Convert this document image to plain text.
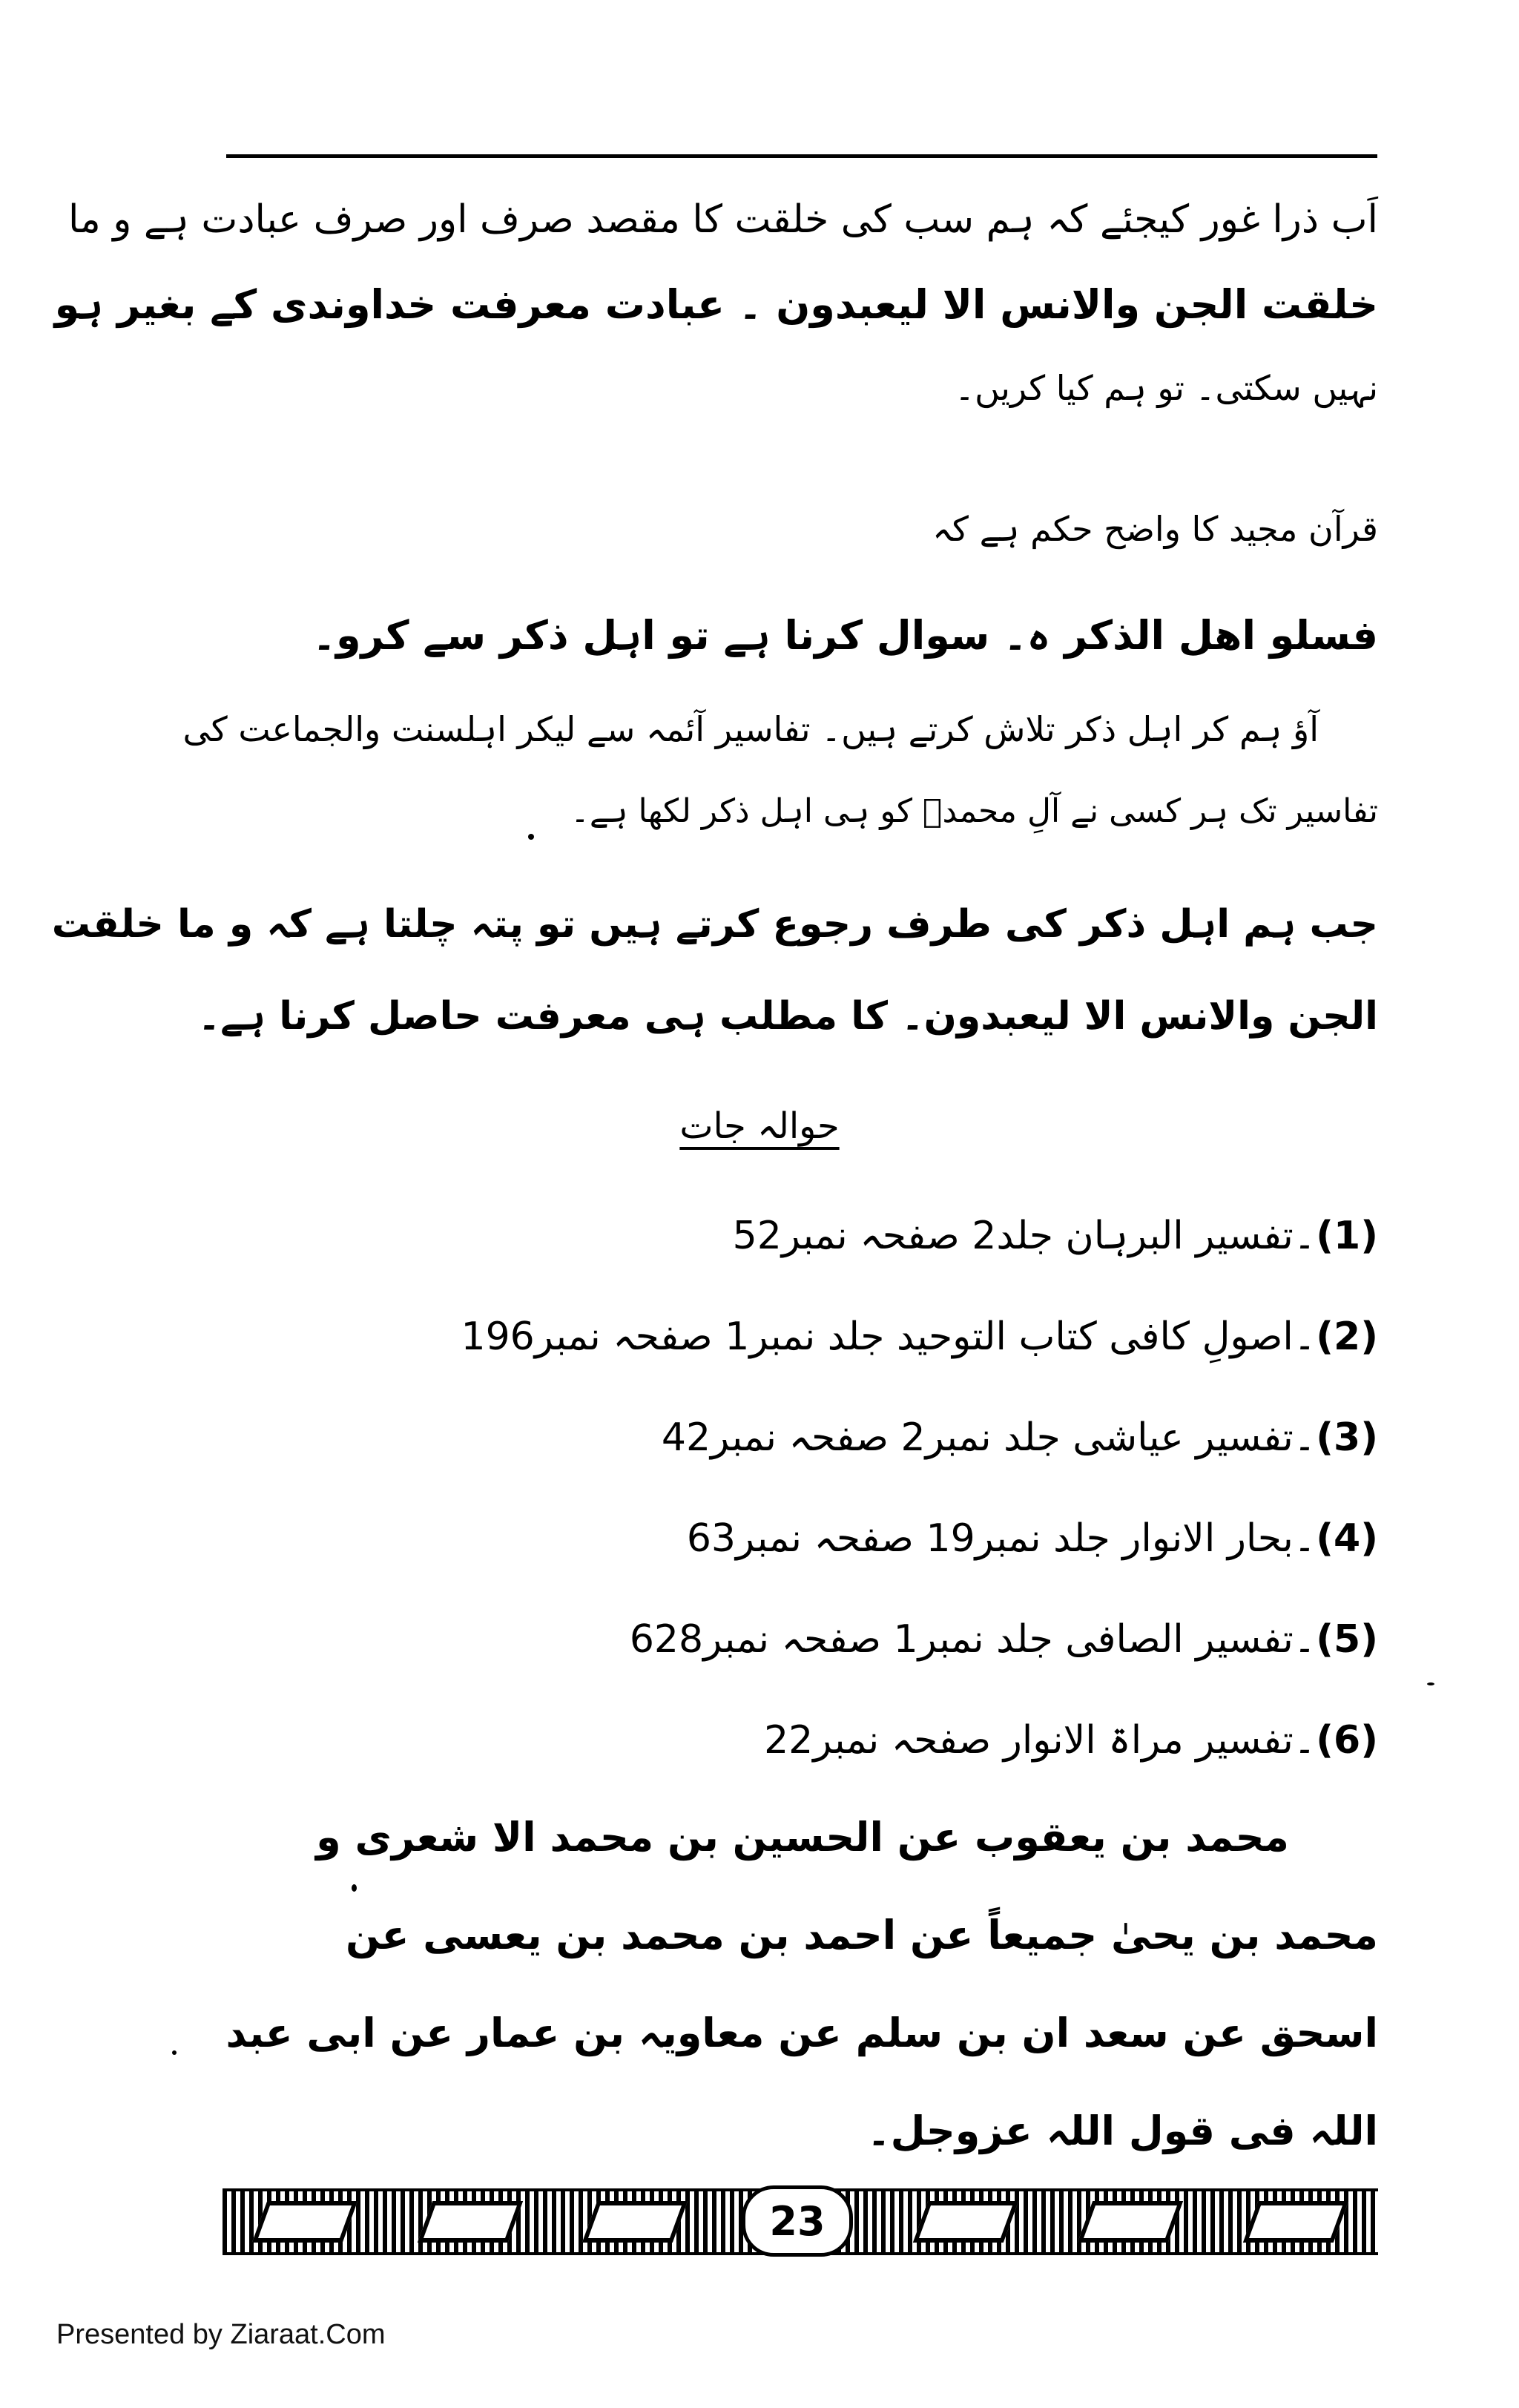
اَب ذرا غور کیجئے کہ ہم سب کی خلقت کا مقصد صرف اور صرف عبادت ہے و ما
خلقت الجن والانس الا لیعبدون ۔ عبادت معرفت خداوندی کے بغیر ہو
نہیں سکتی۔ تو ہم کیا کریں۔
قرآن مجید کا واضح حکم ہے کہ
فسلو اھل الذکر ہ۔ سوال کرنا ہے تو اہل ذکر سے کرو۔
آؤ ہم کر اہل ذکر تلاش کرتے ہیں۔ تفاسیر آئمہ سے لیکر اہلسنت والجماعت کی
تفاسیر تک ہر کسی نے آلِ محمدؐ کو ہی اہل ذکر لکھا ہے۔
جب ہم اہل ذکر کی طرف رجوع کرتے ہیں تو پتہ چلتا ہے کہ و ما خلقت
الجن والانس الا لیعبدون۔ کا مطلب ہی معرفت حاصل کرنا ہے۔
حوالہ جات
(1)۔تفسیر البرہان جلد2 صفحہ نمبر52
(2)۔اصولِ کافی کتاب التوحید جلد نمبر1 صفحہ نمبر196
(3)۔تفسیر عیاشی جلد نمبر2 صفحہ نمبر42
(4)۔بحار الانوار جلد نمبر19 صفحہ نمبر63
(5)۔تفسیر الصافی جلد نمبر1 صفحہ نمبر628
(6)۔تفسیر مراۃ الانوار صفحہ نمبر22
محمد بن یعقوب عن الحسین بن محمد الا شعری و
محمد بن یحیٰ جمیعاً عن احمد بن محمد بن یعسی عن
اسحق عن سعد ان بن سلم عن معاویہ بن عمار عن ابی عبد
اللہ فی قول اللہ عزوجل۔
23
Presented by Ziaraat.Com
